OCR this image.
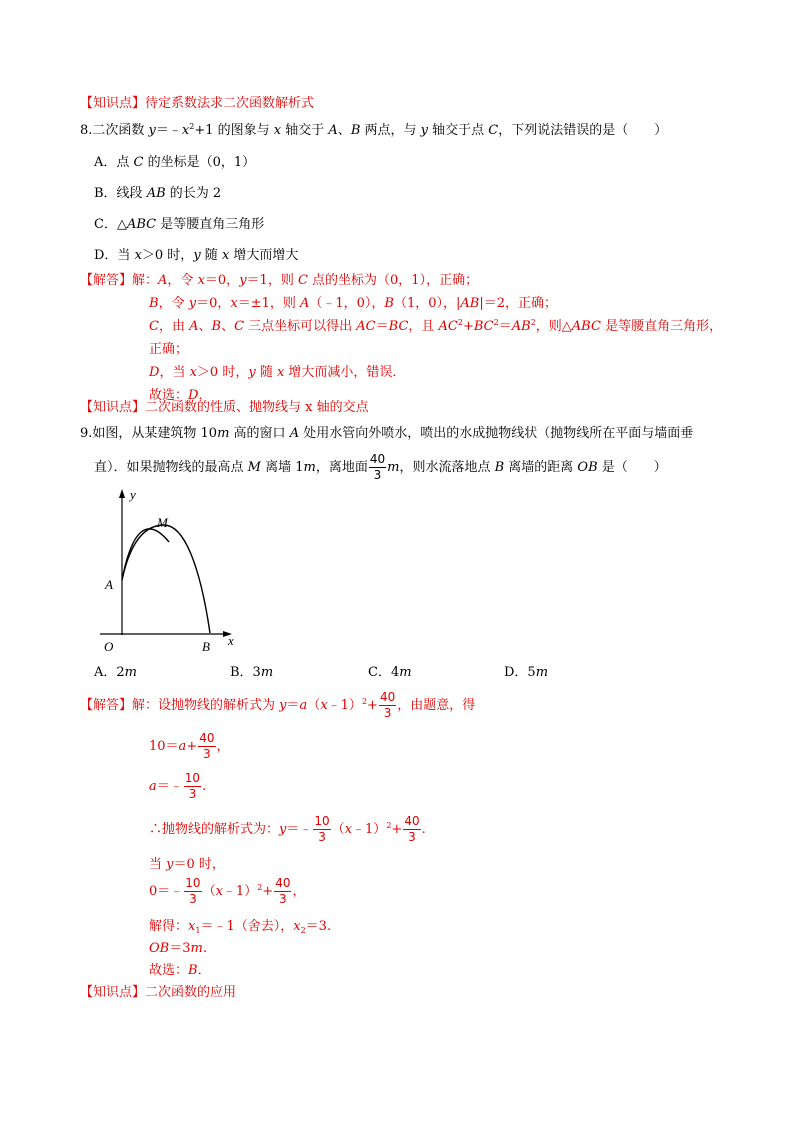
【知识点】待定系数法求二次函数解析式
8.二次函数 $y=﹣x^2+1$ 的图象与 x 轴交于 A、B 两点，与 y 轴交于点 C，下列说法错误的是（　　）
A．点 C 的坐标是（0，1）
B．线段 AB 的长为 2
C．△ABC 是等腰直角三角形
D．当 x＞0 时，y 随 x 增大而增大
【解答】解：A，令 x＝0，y＝1，则 C 点的坐标为（0，1），正确；
B，令 y＝0，x＝±1，则 A（﹣1，0），B（1，0），|AB|＝2，正确；
C，由 A、B、C 三点坐标可以得出 AC＝BC，且 $AC^2+BC^2=AB^2$，则△ABC 是等腰直角三角形，
正确；
D，当 x＞0 时，y 随 x 增大而减小，错误．
故选：D．
【知识点】二次函数的性质、抛物线与 x 轴的交点
9.如图，从某建筑物 10m 高的窗口 A 处用水管向外喷水，喷出的水成抛物线状（抛物线所在平面与墙面垂
直）．如果抛物线的最高点 M 离墙 1m，离地面 $\frac{40}{3}$ m，则水流落地点 B 离墙的距离 OB 是（　　）
y
x
O
A
B
M
A．2m	B．3m	C．4m	D．5m
【解答】解：设抛物线的解析式为 y＝a（x﹣1）$^2$+ $\frac{40}{3}$ ，由题意，得
$10=a+ \frac{40}{3}$ ，
a＝﹣ $\frac{10}{3}$ .
∴抛物线的解析式为：y＝﹣ $\frac{10}{3}$ （x﹣1）$^2$+ $\frac{40}{3}$ .
当 y＝0 时，
0＝﹣ $\frac{10}{3}$ （x﹣1）$^2$+ $\frac{40}{3}$ ，
解得：$x_1=﹣1$（舍去），$x_2=3$.
OB＝3m.
故选：B．
【知识点】二次函数的应用
